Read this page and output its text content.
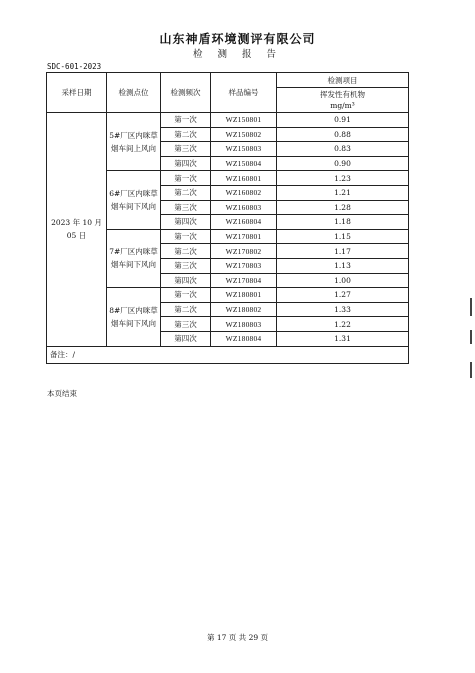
山东神盾环境测评有限公司
检 测 报 告
SDC-601-2023
采样日期	检测点位	检测频次	样品编号	检测项目

				挥发性有机物
mg/m³

2023 年 10 月 05 日	5#厂区内咪草烟车间上风向	第一次	WZ150801	0.91
		第二次	WZ150802	0.88
		第三次	WZ150803	0.83
		第四次	WZ150804	0.90
	6#厂区内咪草烟车间下风向	第一次	WZ160801	1.23
		第二次	WZ160802	1.21
		第三次	WZ160803	1.28
		第四次	WZ160804	1.18
	7#厂区内咪草烟车间下风向	第一次	WZ170801	1.15
		第二次	WZ170802	1.17
		第三次	WZ170803	1.13
		第四次	WZ170804	1.00
	8#厂区内咪草烟车间下风向	第一次	WZ180801	1.27
		第二次	WZ180802	1.33
		第三次	WZ180803	1.22
		第四次	WZ180804	1.31
备注：/				
本页结束
第 17 页 共 29 页
